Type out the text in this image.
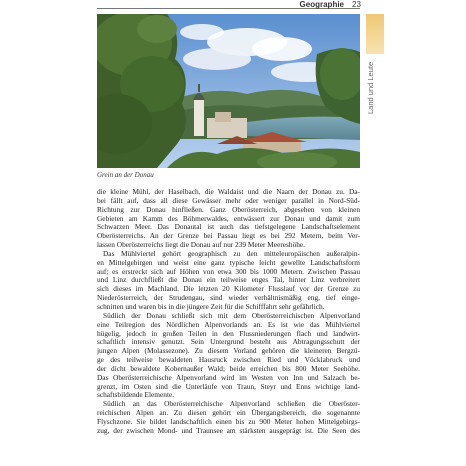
Geographie 23
Land und Leute
Grein an der Donau
die kleine Mühl, der Haselbach, die Waldaist und die Naarn der Donau zu. Da-
bei fällt auf, dass all diese Gewässer mehr oder weniger parallel in Nord-Süd-
Richtung zur Donau hinfließen. Ganz Oberösterreich, abgesehen von kleinen
Gebieten am Kamm des Böhmerwaldes, entwässert zur Donau und damit zum
Schwarzen Meer. Das Donautal ist auch das tiefstgelegene Landschaftselement
Oberösterreichs. An der Grenze bei Passau liegt es bei 292 Metern, beim Ver-
lassen Oberösterreichs liegt die Donau auf nur 239 Meter Meereshöhe.
Das Mühlviertel gehört geographisch zu den mitteleuropäischen außeralpin-
en Mittelgebirgen und weist eine ganz typische leicht gewellte Landschaftsform
auf; es erstreckt sich auf Höhen von etwa 300 bis 1000 Metern. Zwischen Passau
und Linz durchfließt die Donau ein teilweise enges Tal, hinter Linz verbreitert
sich dieses im Machland. Die letzten 20 Kilometer Flusslauf vor der Grenze zu
Niederösterreich, der Strudengau, sind wieder verhältnismäßig eng, tief einge-
schnitten und waren bis in die jüngere Zeit für die Schifffahrt sehr gefährlich.
Südlich der Donau schließt sich mit dem Oberösterreichischen Alpenvorland
eine Teilregion des Nördlichen Alpenvorlands an. Es ist wie das Mühlviertel
hügelig, jedoch in großen Teilen in den Flussniederungen flach und landwirt-
schaftlich intensiv genutzt. Sein Untergrund besteht aus Abtragungsschutt der
jungen Alpen (Molassezone). Zu diesem Vorland gehören die kleineren Bergzü-
ge des teilweise bewaldeten Hausruck zwischen Ried und Vöcklabruck und
der dicht bewaldete Kobernaußer Wald; beide erreichen bis 800 Meter Seehöhe.
Das Oberösterreichische Alpenvorland wird im Westen von Inn und Salzach be-
grenzt, im Osten sind die Unterläufe von Traun, Steyr und Enns wichtige land-
schaftsbildende Elemente.
Südlich an das Oberösterreichische Alpenvorland schließen die Oberöster-
reichischen Alpen an. Zu diesen gehört ein Übergangsbereich, die sogenannte
Flyschzone. Sie bildet landschaftlich einen bis zu 900 Meter hohen Mittelgebirgs-
zug, der zwischen Mond- und Traunsee am stärksten ausgeprägt ist. Die Seen des
